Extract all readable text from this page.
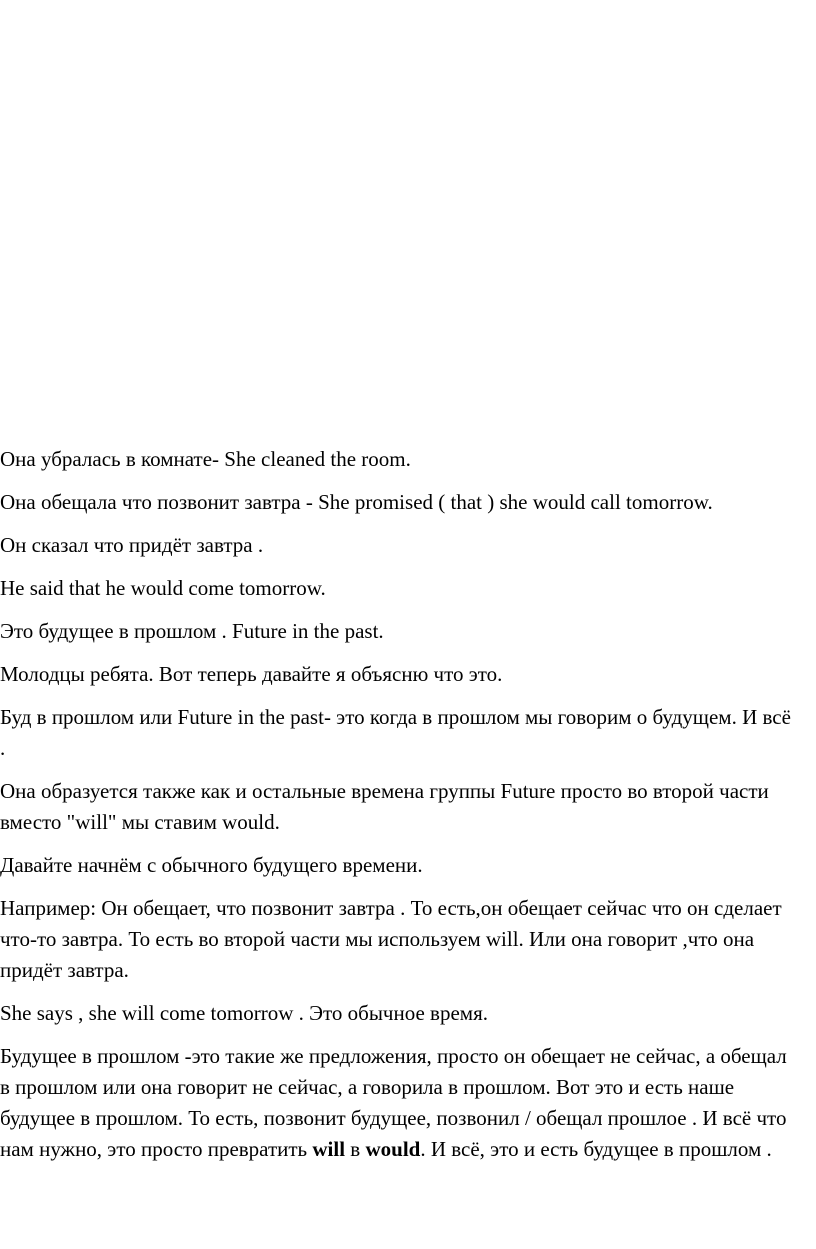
Она убралась в комнате- She cleaned the room.

Она обещала что позвонит завтра - She promised ( that ) she would call tomorrow.

Он сказал что придёт завтра .

He said that he would come tomorrow.

Это будущее в прошлом . Future in the past.

Молодцы ребята. Вот теперь давайте я объясню что это.

Буд в прошлом или Future in the past- это когда в прошлом мы говорим о будущем. И всё .

Она образуется также как и остальные времена группы Future просто во второй части вместо "will" мы ставим would.

Давайте начнём с обычного будущего времени.

Например: Он обещает, что позвонит завтра . То есть,он обещает сейчас что он сделает что-то завтра. То есть во второй части мы используем will. Или она говорит ,что она придёт завтра.

She says , she will come tomorrow . Это обычное время.

Будущее в прошлом -это такие же предложения, просто он обещает не сейчас, а обещал в прошлом или она говорит не сейчас, а говорила в прошлом. Вот это и есть наше будущее в прошлом. То есть, позвонит будущее, позвонил / обещал прошлое . И всё что нам нужно, это просто превратить will в would. И всё, это и есть будущее в прошлом .
